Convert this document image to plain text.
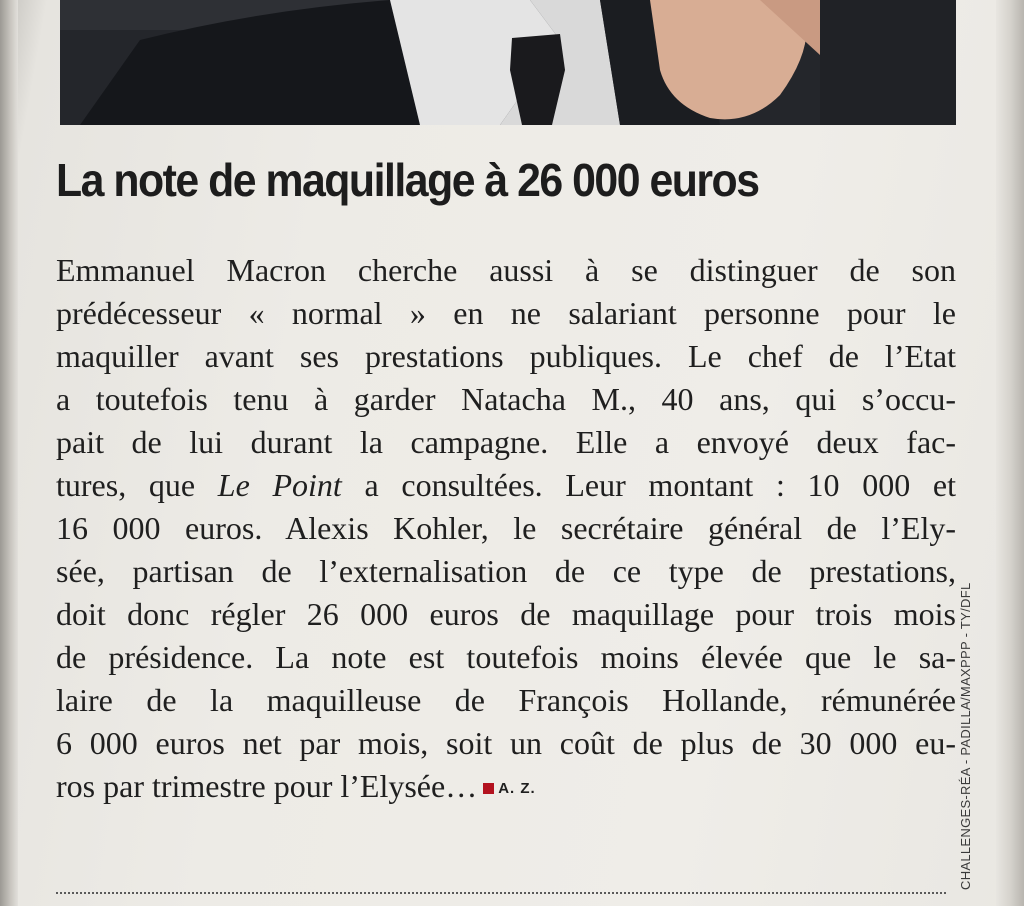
La note de maquillage à 26 000 euros
Emmanuel Macron cherche aussi à se distinguer de son
prédécesseur « normal » en ne salariant personne pour le
maquiller avant ses prestations publiques. Le chef de l’Etat
a toutefois tenu à garder Natacha M., 40 ans, qui s’occu-
pait de lui durant la campagne. Elle a envoyé deux fac-
tures, que Le Point a consultées. Leur montant : 10 000 et
16 000 euros. Alexis Kohler, le secrétaire général de l’Ely-
sée, partisan de l’externalisation de ce type de prestations,
doit donc régler 26 000 euros de maquillage pour trois mois
de présidence. La note est toutefois moins élevée que le sa-
laire de la maquilleuse de François Hollande, rémunérée
6 000 euros net par mois, soit un coût de plus de 30 000 eu-
ros par trimestre pour l’Elysée… A. Z.	CHALLENGES-RÉA - PADILLA/MAXPPP - TY/DFL
